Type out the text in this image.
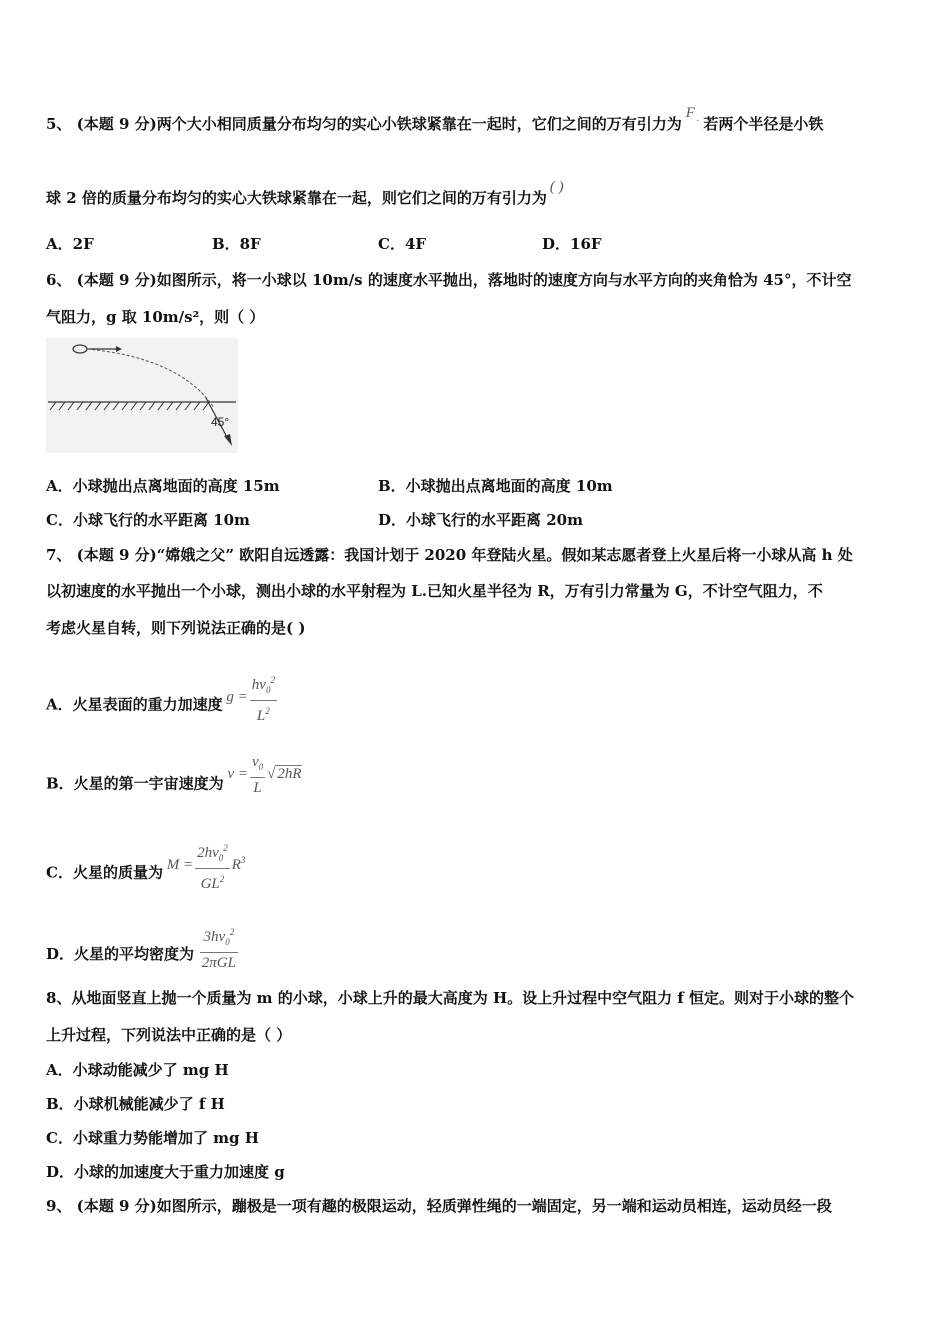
5、 (本题 9 分)两个大小相同质量分布均匀的实心小铁球紧靠在一起时，它们之间的万有引力为F . 若两个半径是小铁
球 2 倍的质量分布均匀的实心大铁球紧靠在一起，则它们之间的万有引力为( )
A．2F	B．8F	C．4F	D．16F
6、 (本题 9 分)如图所示，将一小球以 10m/s 的速度水平抛出，落地时的速度方向与水平方向的夹角恰为 45°，不计空
气阻力，g 取 10m/s²，则（ ）
45°
A．小球抛出点离地面的高度 15m	B．小球抛出点离地面的高度 10m
C．小球飞行的水平距离 10m	D．小球飞行的水平距离 20m
7、 (本题 9 分)“嫦娥之父” 欧阳自远透露：我国计划于 2020 年登陆火星。假如某志愿者登上火星后将一小球从高 h 处
以初速度的水平抛出一个小球，测出小球的水平射程为 L.已知火星半径为 R，万有引力常量为 G，不计空气阻力，不
考虑火星自转，则下列说法正确的是( )
A．火星表面的重力加速度 $g = \frac{hv_0^2}{L^2}$
B．火星的第一宇宙速度为 $v = \frac{v_0}{L}$ √ 2hR
C．火星的质量为 $M = \frac{2hv_0^2}{GL^2} R^3$
D．火星的平均密度为 $\frac{3hv_0^2}{\text{2πGL}}$
8、从地面竖直上抛一个质量为 m 的小球，小球上升的最大高度为 H。设上升过程中空气阻力 f 恒定。则对于小球的整个
上升过程，下列说法中正确的是（ ）
A．小球动能减少了 mg H
B．小球机械能减少了 f H
C．小球重力势能增加了 mg H
D．小球的加速度大于重力加速度 g
9、 (本题 9 分)如图所示，蹦极是一项有趣的极限运动，轻质弹性绳的一端固定，另一端和运动员相连，运动员经一段
